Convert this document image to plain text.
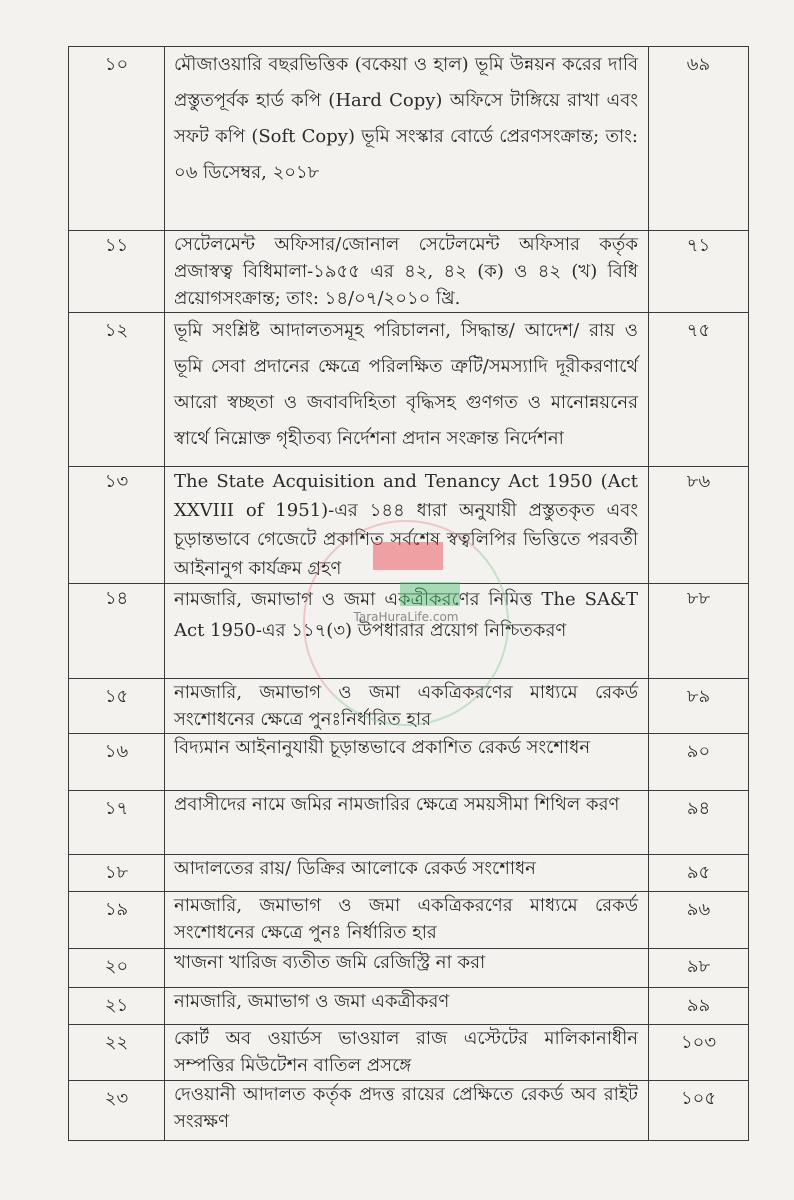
১০	মৌজাওয়ারি বছরভিত্তিক (বকেয়া ও হাল) ভূমি উন্নয়ন করের দাবি প্রস্তুতপূর্বক হার্ড কপি (Hard Copy) অফিসে টাঙ্গিয়ে রাখা এবং সফট কপি (Soft Copy) ভূমি সংস্কার বোর্ডে প্রেরণসংক্রান্ত; তাং: ০৬ ডিসেম্বর, ২০১৮	৬৯
১১	সেটেলমেন্ট অফিসার/জোনাল সেটেলমেন্ট অফিসার কর্তৃক প্রজাস্বত্ব বিধিমালা-১৯৫৫ এর ৪২, ৪২ (ক) ও ৪২ (খ) বিধি প্রয়োগসংক্রান্ত; তাং: ১৪/০৭/২০১০ খ্রি.	৭১
১২	ভূমি সংশ্লিষ্ট আদালতসমূহ পরিচালনা, সিদ্ধান্ত/ আদেশ/ রায় ও ভূমি সেবা প্রদানের ক্ষেত্রে পরিলক্ষিত ত্রুটি/সমস্যাদি দূরীকরণার্থে আরো স্বচ্ছতা ও জবাবদিহিতা বৃদ্ধিসহ গুণগত ও মানোন্নয়নের স্বার্থে নিম্নোক্ত গৃহীতব্য নির্দেশনা প্রদান সংক্রান্ত নির্দেশনা	৭৫
১৩	The State Acquisition and Tenancy Act 1950 (Act XXVIII of 1951)-এর ১৪৪ ধারা অনুযায়ী প্রস্তুতকৃত এবং চূড়ান্তভাবে গেজেটে প্রকাশিত সর্বশেষ স্বত্বলিপির ভিত্তিতে পরবর্তী আইনানুগ কার্যক্রম গ্রহণ	৮৬
১৪	নামজারি, জমাভাগ ও জমা একত্রীকরণের নিমিত্ত The SA&T Act 1950-এর ১১৭(৩) উপধারার প্রয়োগ নিশ্চিতকরণ	৮৮
১৫	নামজারি, জমাভাগ ও জমা একত্রিকরণের মাধ্যমে রেকর্ড সংশোধনের ক্ষেত্রে পুনঃনির্ধারিত হার	৮৯
১৬	বিদ্যমান আইনানুযায়ী চূড়ান্তভাবে প্রকাশিত রেকর্ড সংশোধন	৯০
১৭	প্রবাসীদের নামে জমির নামজারির ক্ষেত্রে সময়সীমা শিথিল করণ	৯৪
১৮	আদালতের রায়/ ডিক্রির আলোকে রেকর্ড সংশোধন	৯৫
১৯	নামজারি, জমাভাগ ও জমা একত্রিকরণের মাধ্যমে রেকর্ড সংশোধনের ক্ষেত্রে পুনঃ নির্ধারিত হার	৯৬
২০	খাজনা খারিজ ব্যতীত জমি রেজিস্ট্রি না করা	৯৮
২১	নামজারি, জমাভাগ ও জমা একত্রীকরণ	৯৯
২২	কোর্ট অব ওয়ার্ডস ভাওয়াল রাজ এস্টেটের মালিকানাধীন সম্পত্তির মিউটেশন বাতিল প্রসঙ্গে	১০৩
২৩	দেওয়ানী আদালত কর্তৃক প্রদত্ত রায়ের প্রেক্ষিতে রেকর্ড অব রাইট সংরক্ষণ	১০৫
TaraHuraLife.com
